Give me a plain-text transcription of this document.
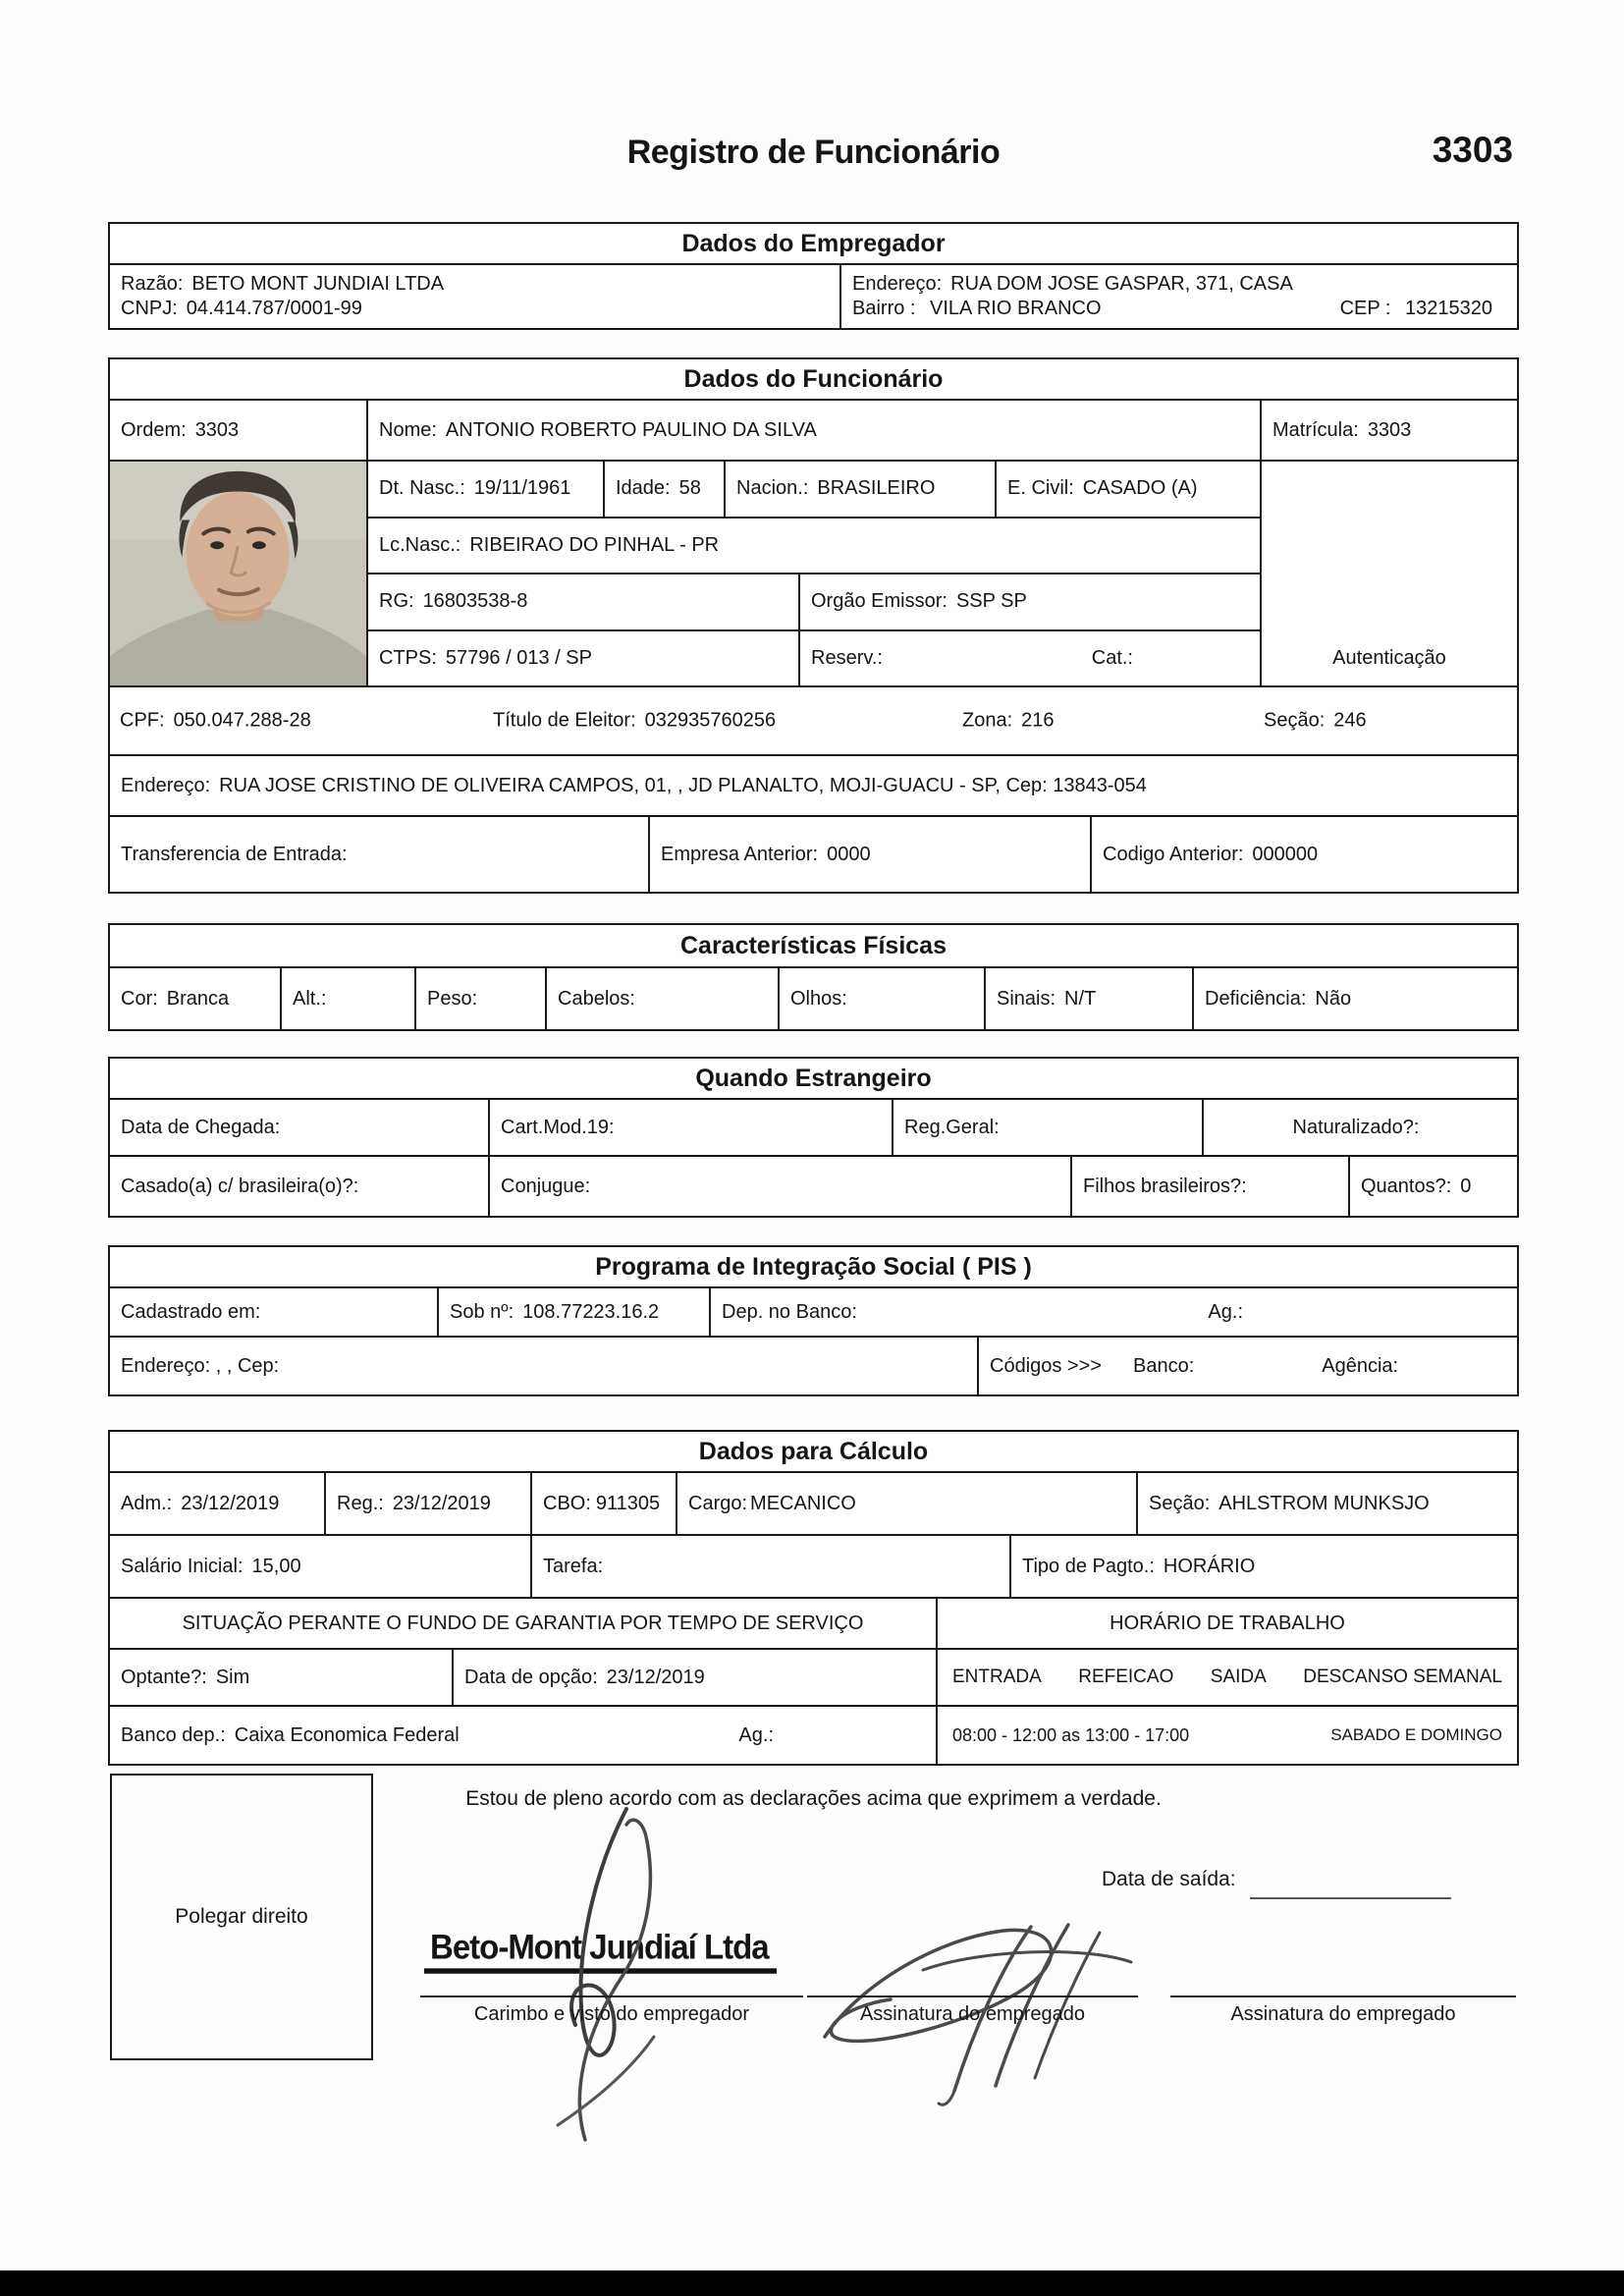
Registro de Funcionário	3303
Dados do Empregador
Razão: BETO MONT JUNDIAI LTDA
CNPJ: 04.414.787/0001-99
Endereço: RUA DOM JOSE GASPAR, 371, CASA
Bairro : VILA RIO BRANCO	CEP : 13215320
Dados do Funcionário
Ordem: 3303	Nome: ANTONIO ROBERTO PAULINO DA SILVA	Matrícula: 3303
Dt. Nasc.: 19/11/1961 Idade: 58 Nacion.: BRASILEIRO	E. Civil: CASADO (A)
Lc.Nasc.: RIBEIRAO DO PINHAL - PR
RG: 16803538-8	Orgão Emissor: SSP SP
CTPS: 57796 / 013 / SP	Reserv.:	Cat.:	Autenticação
CPF: 050.047.288-28	Título de Eleitor: 032935760256	Zona: 216	Seção: 246
Endereço: RUA JOSE CRISTINO DE OLIVEIRA CAMPOS, 01, , JD PLANALTO, MOJI-GUACU - SP, Cep: 13843-054
Transferencia de Entrada:	Empresa Anterior: 0000	Codigo Anterior: 000000
Características Físicas
Cor: Branca	Alt.:	Peso:	Cabelos:	Olhos:	Sinais: N/T	Deficiência: Não
Quando Estrangeiro
Data de Chegada:	Cart.Mod.19:	Reg.Geral:	Naturalizado?:
Casado(a) c/ brasileira(o)?:	Conjugue:	Filhos brasileiros?:	Quantos?: 0
Programa de Integração Social ( PIS )
Cadastrado em:	Sob nº: 108.77223.16.2	Dep. no Banco:	Ag.:
Endereço: , , Cep:	Códigos >>> Banco:	Agência:
Dados para Cálculo
Adm.: 23/12/2019	Reg.: 23/12/2019	CBO: 911305 Cargo: MECANICO	Seção: AHLSTROM MUNKSJO
Salário Inicial: 15,00	Tarefa:	Tipo de Pagto.: HORÁRIO
SITUAÇÃO PERANTE O FUNDO DE GARANTIA POR TEMPO DE SERVIÇO	HORÁRIO DE TRABALHO
Optante?: Sim	Data de opção: 23/12/2019	ENTRADA REFEICAO SAIDA DESCANSO SEMANAL
Banco dep.: Caixa Economica Federal	Ag.:	08:00 - 12:00 as 13:00 - 17:00	SABADO E DOMINGO
Polegar direito
Estou de pleno acordo com as declarações acima que exprimem a verdade.
Data de saída:
Beto-Mont Jundiaí Ltda
Carimbo e visto do empregador	Assinatura do empregado	Assinatura do empregado
